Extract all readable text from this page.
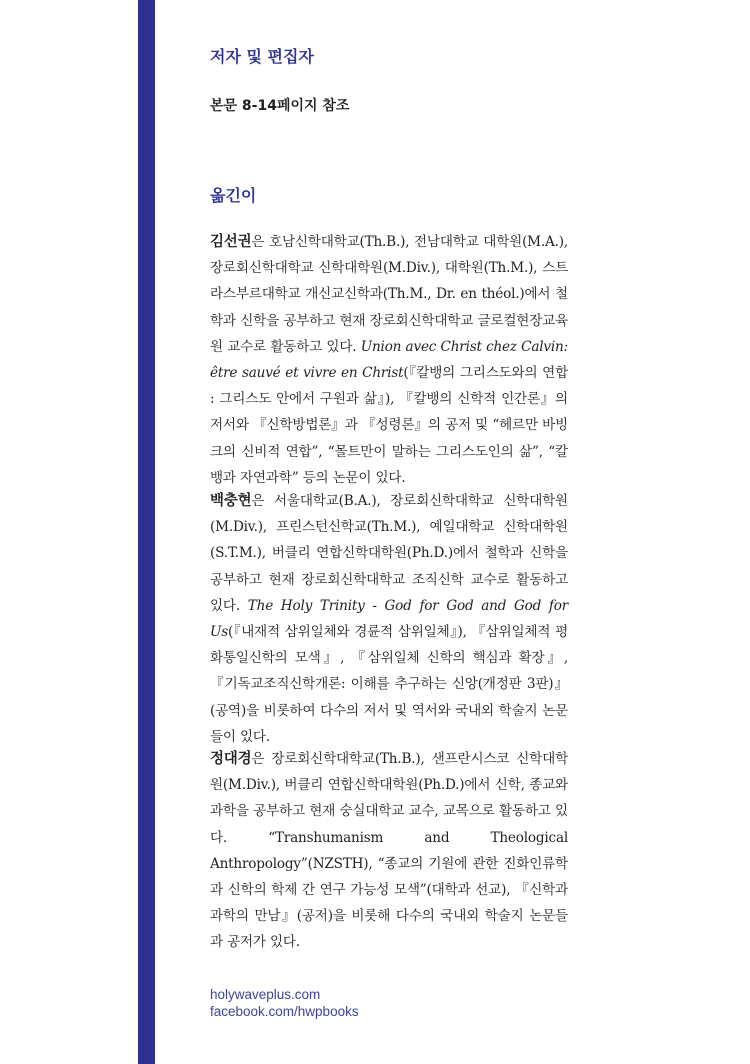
저자 및 편집자
본문 8-14페이지 참조
옮긴이
김선권은 호남신학대학교(Th.B.), 전남대학교 대학원(M.A.), 장로회신학대학교 신학대학원(M.Div.), 대학원(Th.M.), 스트라스부르대학교 개신교신학과(Th.M., Dr. en théol.)에서 철학과 신학을 공부하고 현재 장로회신학대학교 글로컬현장교육원 교수로 활동하고 있다. Union avec Christ chez Calvin: être sauvé et vivre en Christ(『칼뱅의 그리스도와의 연합 : 그리스도 안에서 구원과 삶』), 『칼뱅의 신학적 인간론』의 저서와 『신학방법론』과 『성령론』의 공저 및 “헤르만 바빙크의 신비적 연합”, “몰트만이 말하는 그리스도인의 삶”, “칼뱅과 자연과학” 등의 논문이 있다.
백충현은 서울대학교(B.A.), 장로회신학대학교 신학대학원(M.Div.), 프린스턴신학교(Th.M.), 예일대학교 신학대학원(S.T.M.), 버클리 연합신학대학원(Ph.D.)에서 철학과 신학을 공부하고 현재 장로회신학대학교 조직신학 교수로 활동하고 있다. The Holy Trinity - God for God and God for Us(『내재적 삼위일체와 경륜적 삼위일체』), 『삼위일체적 평화통일신학의 모색』, 『삼위일체 신학의 핵심과 확장』, 『기독교조직신학개론: 이해를 추구하는 신앙(개정판 3판)』(공역)을 비롯하여 다수의 저서 및 역서와 국내외 학술지 논문들이 있다.
정대경은 장로회신학대학교(Th.B.), 샌프란시스코 신학대학원(M.Div.), 버클리 연합신학대학원(Ph.D.)에서 신학, 종교와 과학을 공부하고 현재 숭실대학교 교수, 교목으로 활동하고 있다. “Transhumanism and Theological Anthropology”(NZSTH), “종교의 기원에 관한 진화인류학과 신학의 학제 간 연구 가능성 모색”(대학과 선교), 『신학과 과학의 만남』(공저)을 비롯해 다수의 국내외 학술지 논문들과 공저가 있다.
holywaveplus.com
facebook.com/hwpbooks
